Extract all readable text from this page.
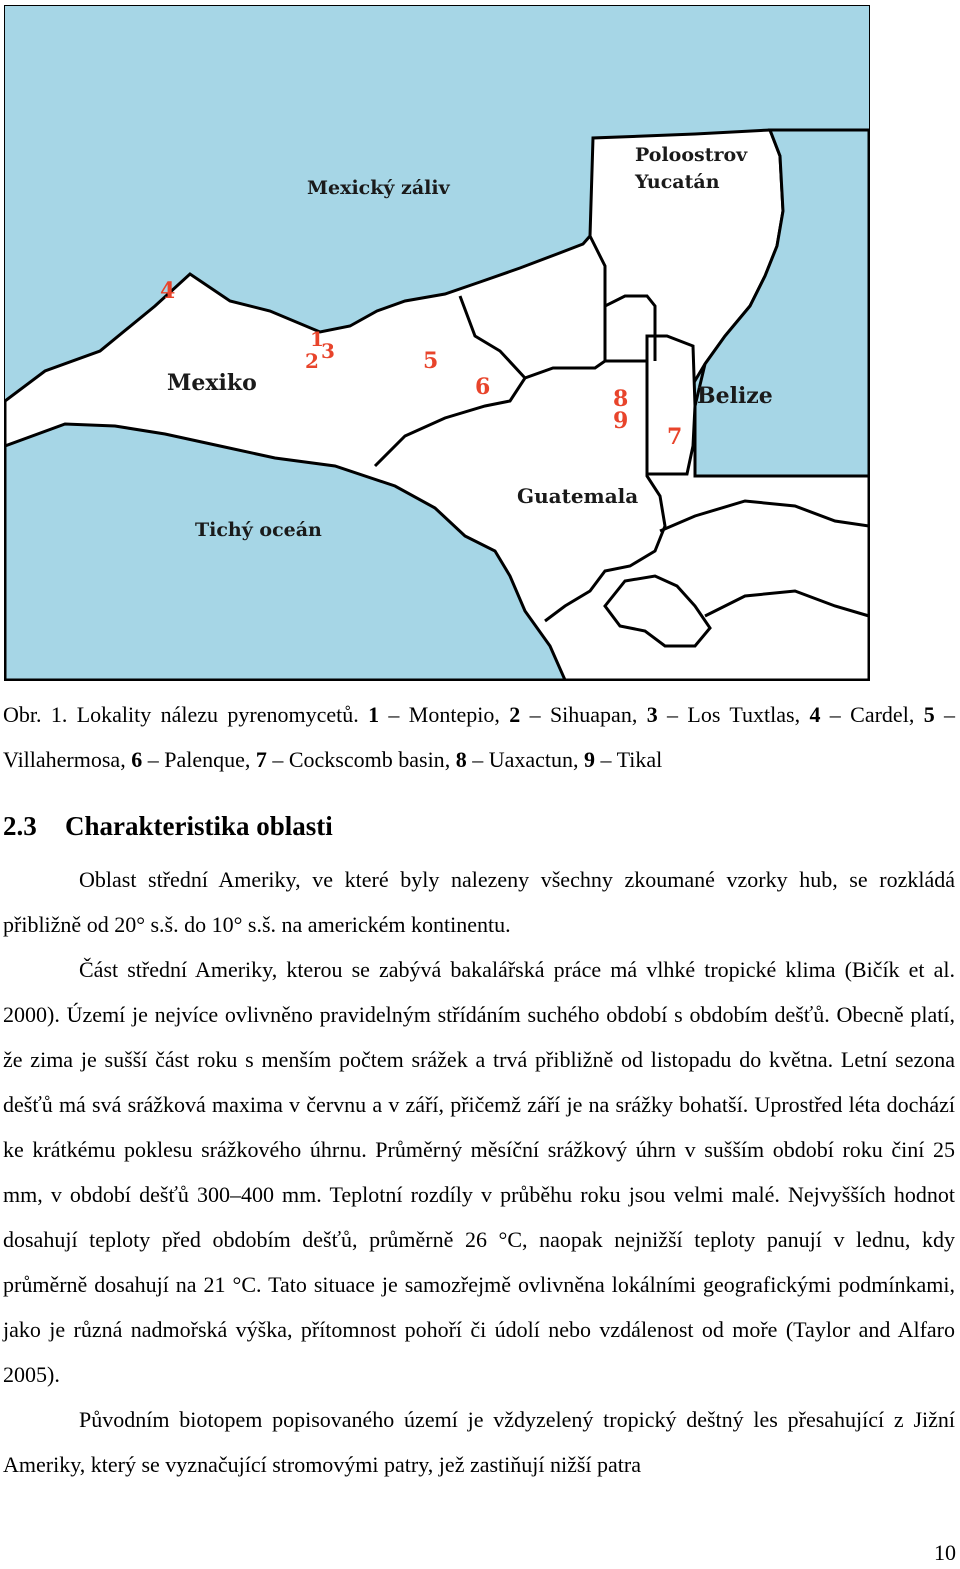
Mexický záliv
Poloostrov
Yucatán
Mexiko	Belize
Guatemala
Tichý oceán
4
1
3
2	5
6	8
9
7
Obr. 1. Lokality nálezu pyrenomycetů. 1 – Montepio, 2 – Sihuapan, 3 – Los Tuxtlas, 4 – Cardel, 5 – Villahermosa, 6 – Palenque, 7 – Cockscomb basin, 8 – Uaxactun, 9 – Tikal
2.3 Charakteristika oblasti

Oblast střední Ameriky, ve které byly nalezeny všechny zkoumané vzorky hub, se rozkládá přibližně od 20° s.š. do 10° s.š. na americkém kontinentu.

Část střední Ameriky, kterou se zabývá bakalářská práce má vlhké tropické klima (Bičík et al. 2000). Území je nejvíce ovlivněno pravidelným střídáním suchého období s obdobím dešťů. Obecně platí, že zima je sušší část roku s menším počtem srážek a trvá přibližně od listopadu do května. Letní sezona dešťů má svá srážková maxima v červnu a v září, přičemž září je na srážky bohatší. Uprostřed léta dochází ke krátkému poklesu srážkového úhrnu. Průměrný měsíční srážkový úhrn v sušším období roku činí 25 mm, v období dešťů 300–400 mm. Teplotní rozdíly v průběhu roku jsou velmi malé. Nejvyšších hodnot dosahují teploty před obdobím dešťů, průměrně 26 °C, naopak nejnižší teploty panují v lednu, kdy průměrně dosahují na 21 °C. Tato situace je samozřejmě ovlivněna lokálními geografickými podmínkami, jako je různá nadmořská výška, přítomnost pohoří či údolí nebo vzdálenost od moře (Taylor and Alfaro 2005).

Původním biotopem popisovaného území je vždyzelený tropický deštný les přesahující z Jižní Ameriky, který se vyznačující stromovými patry, jež zastiňují nižší patra

10
